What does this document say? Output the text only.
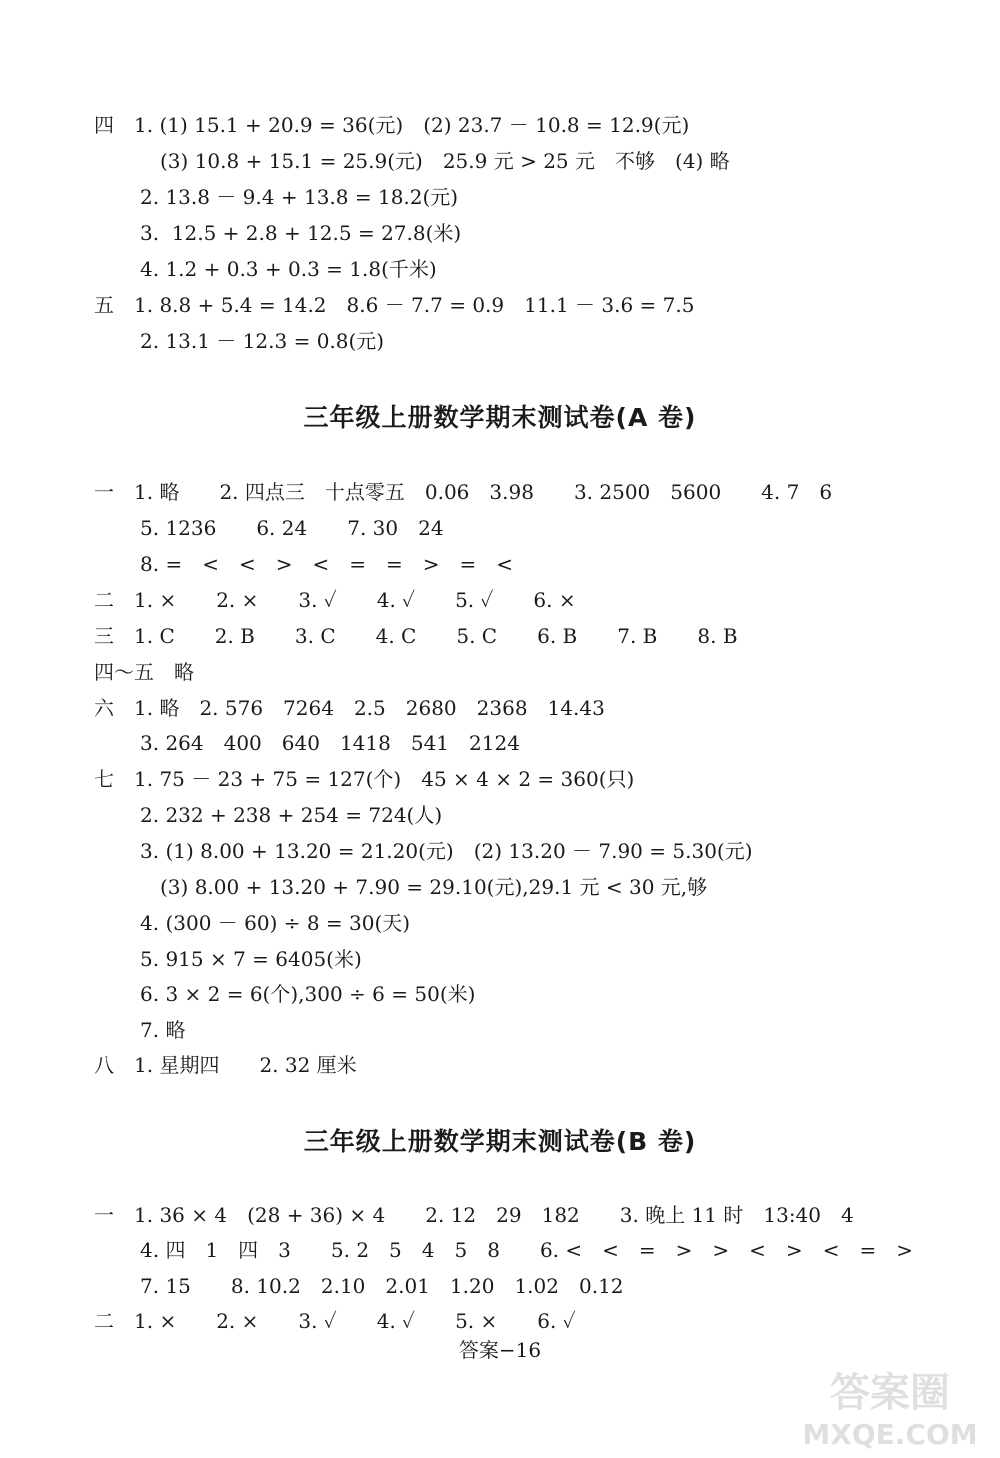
四　1. (1) 15.1 + 20.9 = 36(元)　(2) 23.7 － 10.8 = 12.9(元)
(3) 10.8 + 15.1 = 25.9(元)　25.9 元 > 25 元　不够　(4) 略
2. 13.8 － 9.4 + 13.8 = 18.2(元)
3.  12.5 + 2.8 + 12.5 = 27.8(米)
4. 1.2 + 0.3 + 0.3 = 1.8(千米)
五　1. 8.8 + 5.4 = 14.2　8.6 － 7.7 = 0.9　11.1 － 3.6 = 7.5
2. 13.1 － 12.3 = 0.8(元)
三年级上册数学期末测试卷(A 卷)
一　1. 略　　2. 四点三　十点零五　0.06　3.98　　3. 2500　5600　　4. 7　6
5. 1236　　6. 24　　7. 30　24
8. =　<　<　>　<　=　=　>　=　<
二　1. ×　　2. ×　　3. ✓　　4. ✓　　5. ✓　　6. ×
三　1. C　　2. B　　3. C　　4. C　　5. C　　6. B　　7. B　　8. B
四～五　略
六　1. 略　2. 576　7264　2.5　2680　2368　14.43
3. 264　400　640　1418　541　2124
七　1. 75 － 23 + 75 = 127(个)　45 × 4 × 2 = 360(只)
2. 232 + 238 + 254 = 724(人)
3. (1) 8.00 + 13.20 = 21.20(元)　(2) 13.20 － 7.90 = 5.30(元)
(3) 8.00 + 13.20 + 7.90 = 29.10(元),29.1 元 < 30 元,够
4. (300 － 60) ÷ 8 = 30(天)
5. 915 × 7 = 6405(米)
6. 3 × 2 = 6(个),300 ÷ 6 = 50(米)
7. 略
八　1. 星期四　　2. 32 厘米
三年级上册数学期末测试卷(B 卷)
一　1. 36 × 4　(28 + 36) × 4　　2. 12　29　182　　3. 晚上 11 时　13:40　4
4. 四　1　四　3　　5. 2　5　4　5　8　　6. <　<　=　>　>　<　>　<　=　>
7. 15　　8. 10.2　2.10　2.01　1.20　1.02　0.12
二　1. ×　　2. ×　　3. ✓　　4. ✓　　5. ×　　6. ✓
答案−16
答案圈
MXQE.COM
